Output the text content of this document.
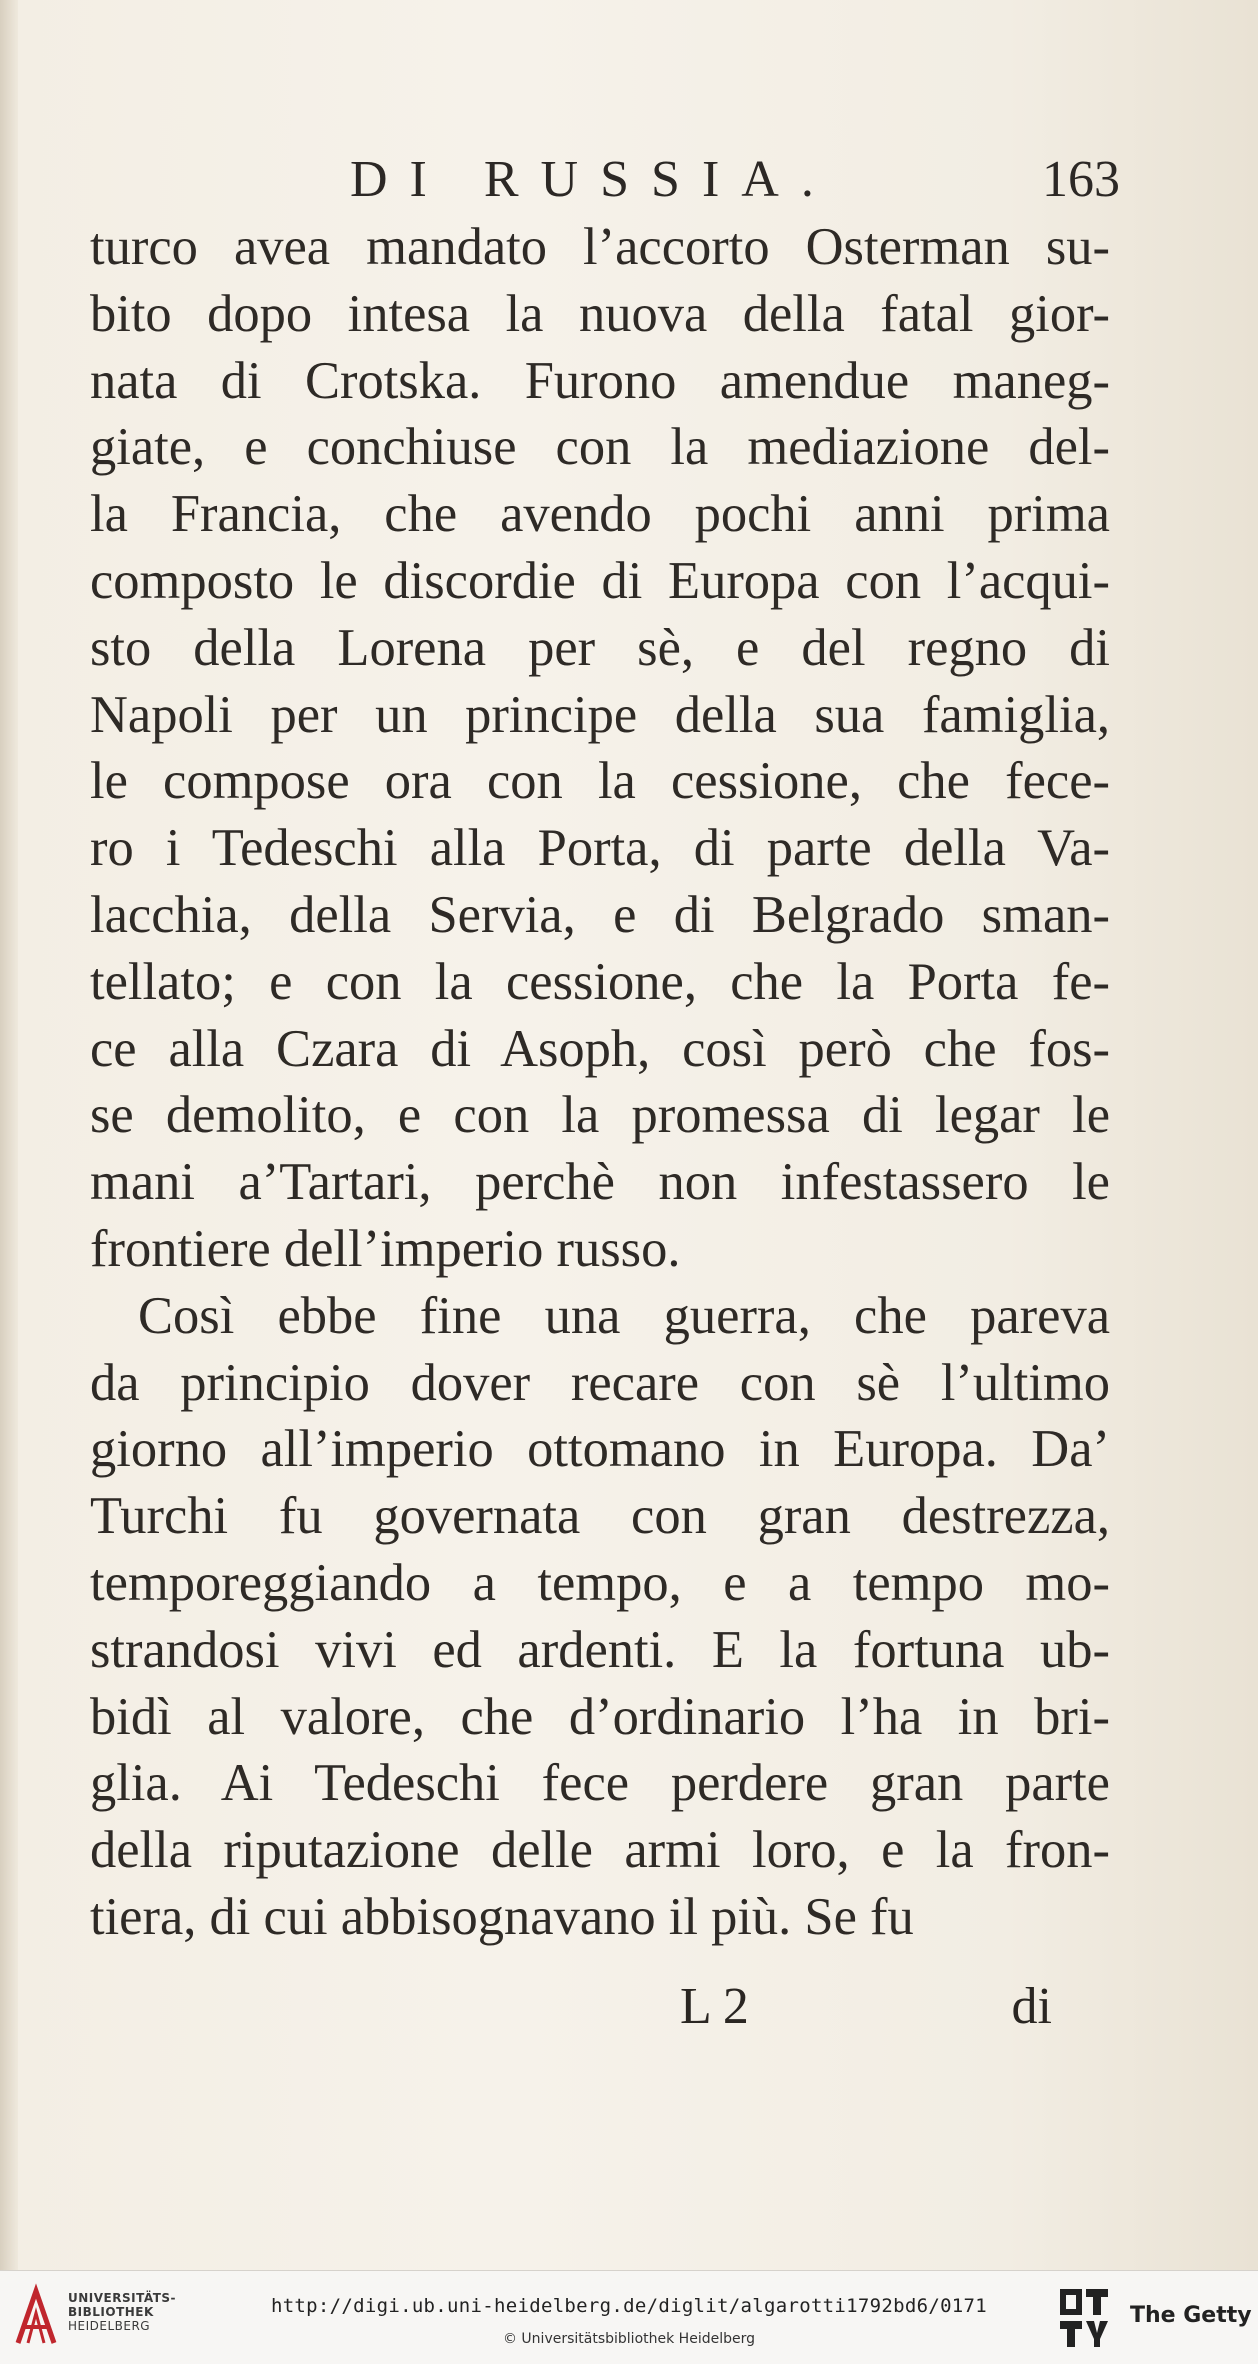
DI RUSSIA.	163
turco avea mandato l’accorto Osterman su-
bito dopo intesa la nuova della fatal gior-
nata di Crotska. Furono amendue maneg-
giate, e conchiuse con la mediazione del-
la Francia, che avendo pochi anni prima
composto le discordie di Europa con l’acqui-
sto della Lorena per sè, e del regno di
Napoli per un principe della sua famiglia,
le compose ora con la cessione, che fece-
ro i Tedeschi alla Porta, di parte della Va-
lacchia, della Servia, e di Belgrado sman-
tellato; e con la cessione, che la Porta fe-
ce alla Czara di Asoph, così però che fos-
se demolito, e con la promessa di legar le
mani a’Tartari, perchè non infestassero le
frontiere dell’imperio russo.
Così ebbe fine una guerra, che pareva
da principio dover recare con sè l’ultimo
giorno all’imperio ottomano in Europa. Da’
Turchi fu governata con gran destrezza,
temporeggiando a tempo, e a tempo mo-
strandosi vivi ed ardenti. E la fortuna ub-
bidì al valore, che d’ordinario l’ha in bri-
glia. Ai Tedeschi fece perdere gran parte
della riputazione delle armi loro, e la fron-
tiera, di cui abbisognavano il più. Se fu
L 2	di
UNIVERSITÄTS-
BIBLIOTHEK
HEIDELBERG
http://digi.ub.uni-heidelberg.de/diglit/algarotti1792bd6/0171
© Universitätsbibliothek Heidelberg
The Getty
